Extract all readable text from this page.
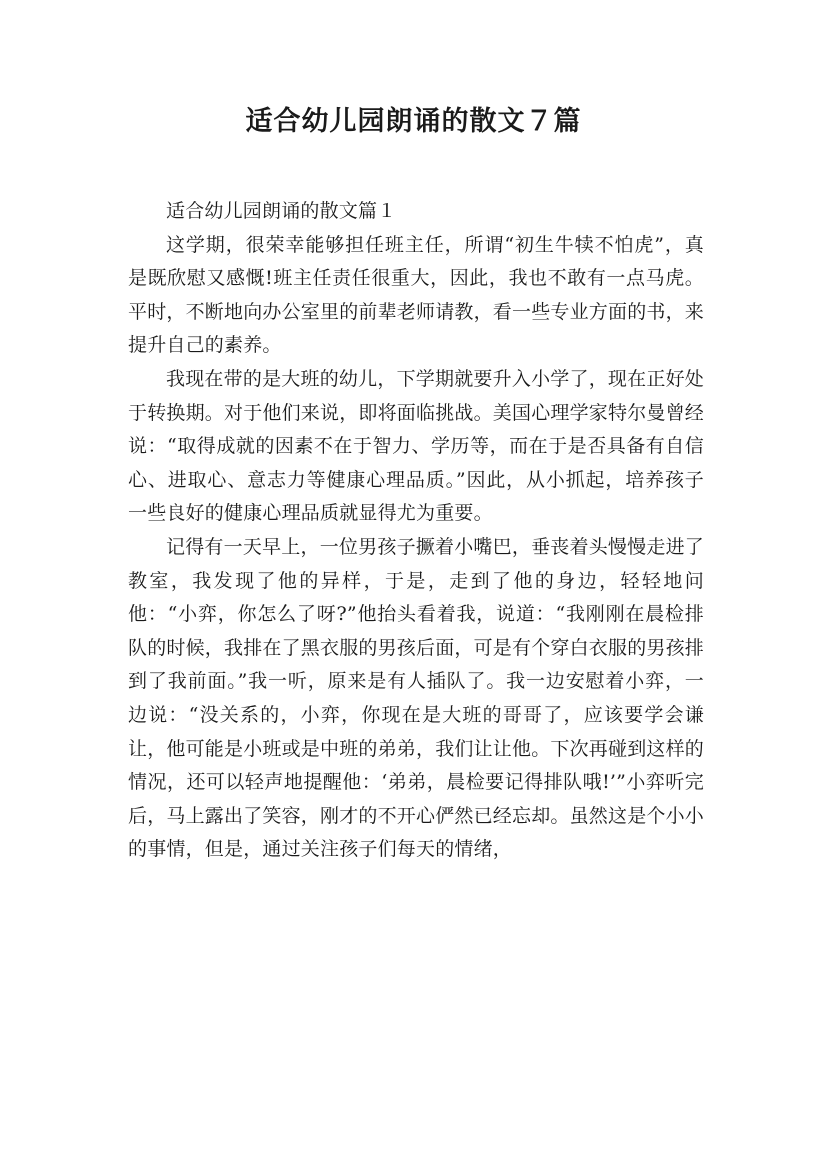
适合幼儿园朗诵的散文７篇

适合幼儿园朗诵的散文篇１

这学期，很荣幸能够担任班主任，所谓“初生牛犊不怕虎”，真是既欣慰又感慨!班主任责任很重大，因此，我也不敢有一点马虎。平时，不断地向办公室里的前辈老师请教，看一些专业方面的书，来提升自己的素养。

我现在带的是大班的幼儿，下学期就要升入小学了，现在正好处于转换期。对于他们来说，即将面临挑战。美国心理学家特尔曼曾经说：“取得成就的因素不在于智力、学历等，而在于是否具备有自信心、进取心、意志力等健康心理品质。”因此，从小抓起，培养孩子一些良好的健康心理品质就显得尤为重要。

记得有一天早上，一位男孩子撅着小嘴巴，垂丧着头慢慢走进了教室，我发现了他的异样，于是，走到了他的身边，轻轻地问他：“小弈，你怎么了呀?”他抬头看着我，说道：“我刚刚在晨检排队的时候，我排在了黑衣服的男孩后面，可是有个穿白衣服的男孩排到了我前面。”我一听，原来是有人插队了。我一边安慰着小弈，一边说：“没关系的，小弈，你现在是大班的哥哥了，应该要学会谦让，他可能是小班或是中班的弟弟，我们让让他。下次再碰到这样的情况，还可以轻声地提醒他：‘弟弟，晨检要记得排队哦!’”小弈听完后，马上露出了笑容，刚才的不开心俨然已经忘却。虽然这是个小小的事情，但是，通过关注孩子们每天的情绪，
